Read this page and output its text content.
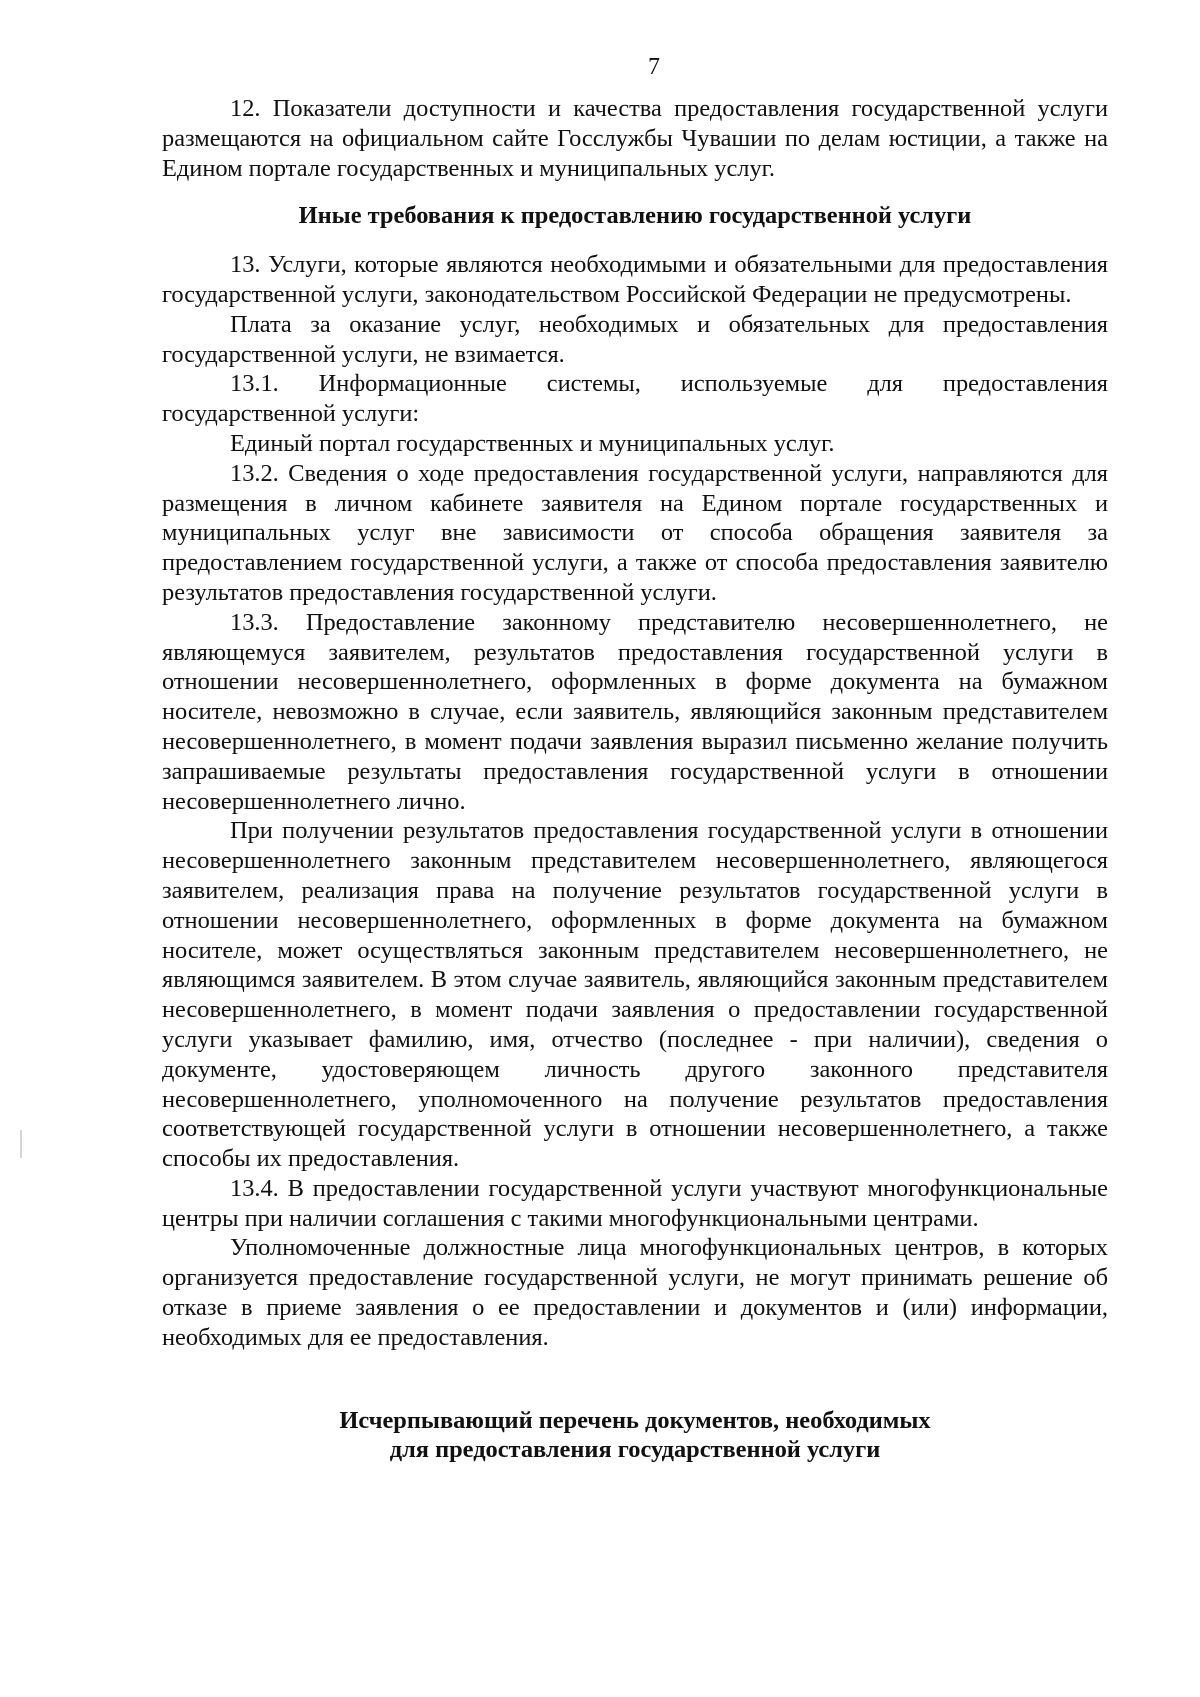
7

12. Показатели доступности и качества предоставления государственной услуги размещаются на официальном сайте Госслужбы Чувашии по делам юстиции, а также на Едином портале государственных и муниципальных услуг.

Иные требования к предоставлению государственной услуги

13. Услуги, которые являются необходимыми и обязательными для предоставления государственной услуги, законодательством Российской Федерации не предусмотрены.

Плата за оказание услуг, необходимых и обязательных для предоставления государственной услуги, не взимается.

13.1. Информационные системы, используемые для предоставления государственной услуги:

Единый портал государственных и муниципальных услуг.

13.2. Сведения о ходе предоставления государственной услуги, направляются для размещения в личном кабинете заявителя на Едином портале государственных и муниципальных услуг вне зависимости от способа обращения заявителя за предоставлением государственной услуги, а также от способа предоставления заявителю результатов предоставления государственной услуги.

13.3. Предоставление законному представителю несовершеннолетнего, не являющемуся заявителем, результатов предоставления государственной услуги в отношении несовершеннолетнего, оформленных в форме документа на бумажном носителе, невозможно в случае, если заявитель, являющийся законным представителем несовершеннолетнего, в момент подачи заявления выразил письменно желание получить запрашиваемые результаты предоставления государственной услуги в отношении несовершеннолетнего лично.

При получении результатов предоставления государственной услуги в отношении несовершеннолетнего законным представителем несовершеннолетнего, являющегося заявителем, реализация права на получение результатов государственной услуги в отношении несовершеннолетнего, оформленных в форме документа на бумажном носителе, может осуществляться законным представителем несовершеннолетнего, не являющимся заявителем. В этом случае заявитель, являющийся законным представителем несовершеннолетнего, в момент подачи заявления о предоставлении государственной услуги указывает фамилию, имя, отчество (последнее - при наличии), сведения о документе, удостоверяющем личность другого законного представителя несовершеннолетнего, уполномоченного на получение результатов предоставления соответствующей государственной услуги в отношении несовершеннолетнего, а также способы их предоставления.

13.4. В предоставлении государственной услуги участвуют многофункциональные центры при наличии соглашения с такими многофункциональными центрами.

Уполномоченные должностные лица многофункциональных центров, в которых организуется предоставление государственной услуги, не могут принимать решение об отказе в приеме заявления о ее предоставлении и документов и (или) информации, необходимых для ее предоставления.

Исчерпывающий перечень документов, необходимых
для предоставления государственной услуги
